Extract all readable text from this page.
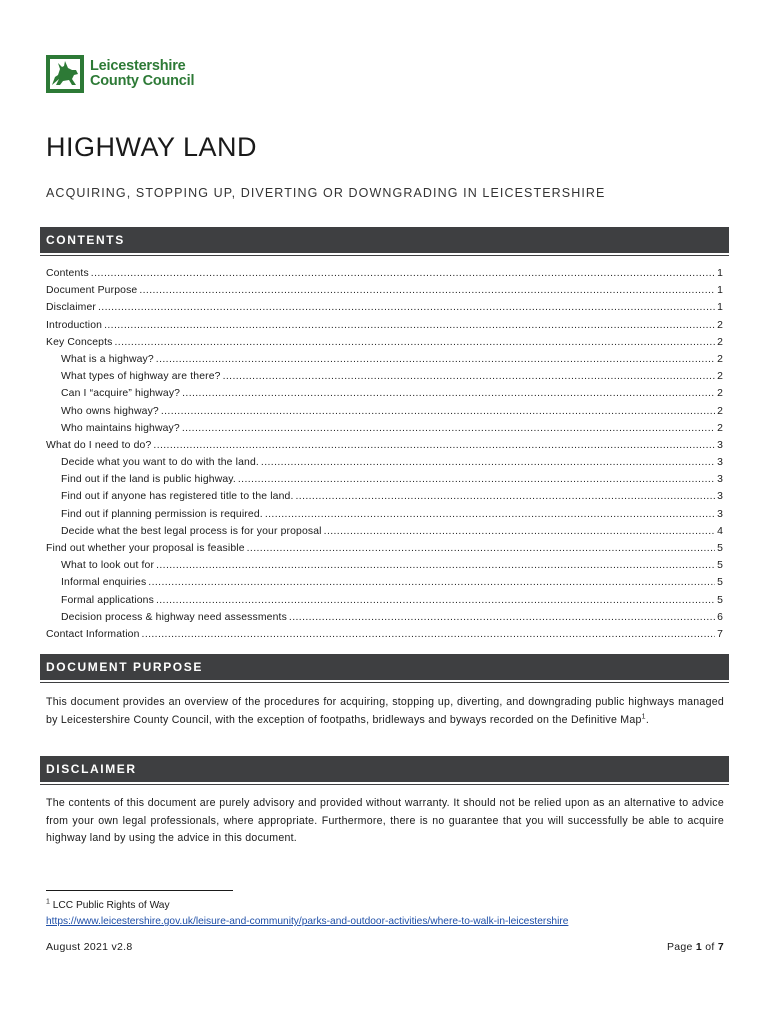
Leicestershire
County Council
HIGHWAY LAND
ACQUIRING, STOPPING UP, DIVERTING OR DOWNGRADING IN LEICESTERSHIRE
CONTENTS
Contents .....	1
Document Purpose .....	1
Disclaimer .....	1
Introduction .....	2
Key Concepts .....	2
What is a highway? .....	2
What types of highway are there? .....	2
Can I “acquire” highway? .....	2
Who owns highway? .....	2
Who maintains highway? .....	2
What do I need to do? .....	3
Decide what you want to do with the land. .....	3
Find out if the land is public highway. .....	3
Find out if anyone has registered title to the land. .....	3
Find out if planning permission is required. .....	3
Decide what the best legal process is for your proposal .....	4
Find out whether your proposal is feasible .....	5
What to look out for .....	5
Informal enquiries .....	5
Formal applications .....	5
Decision process & highway need assessments .....	6
Contact Information .....	7
DOCUMENT PURPOSE
This document provides an overview of the procedures for acquiring, stopping up, diverting, and downgrading public highways managed by Leicestershire County Council, with the exception of footpaths, bridleways and byways recorded on the Definitive Map$^1$.
DISCLAIMER
The contents of this document are purely advisory and provided without warranty. It should not be relied upon as an alternative to advice from your own legal professionals, where appropriate. Furthermore, there is no guarantee that you will successfully be able to acquire highway land by using the advice in this document.
$^1$ LCC Public Rights of Way
https://www.leicestershire.gov.uk/leisure-and-community/parks-and-outdoor-activities/where-to-walk-in-leicestershire
August 2021 v2.8	Page 1 of 7
